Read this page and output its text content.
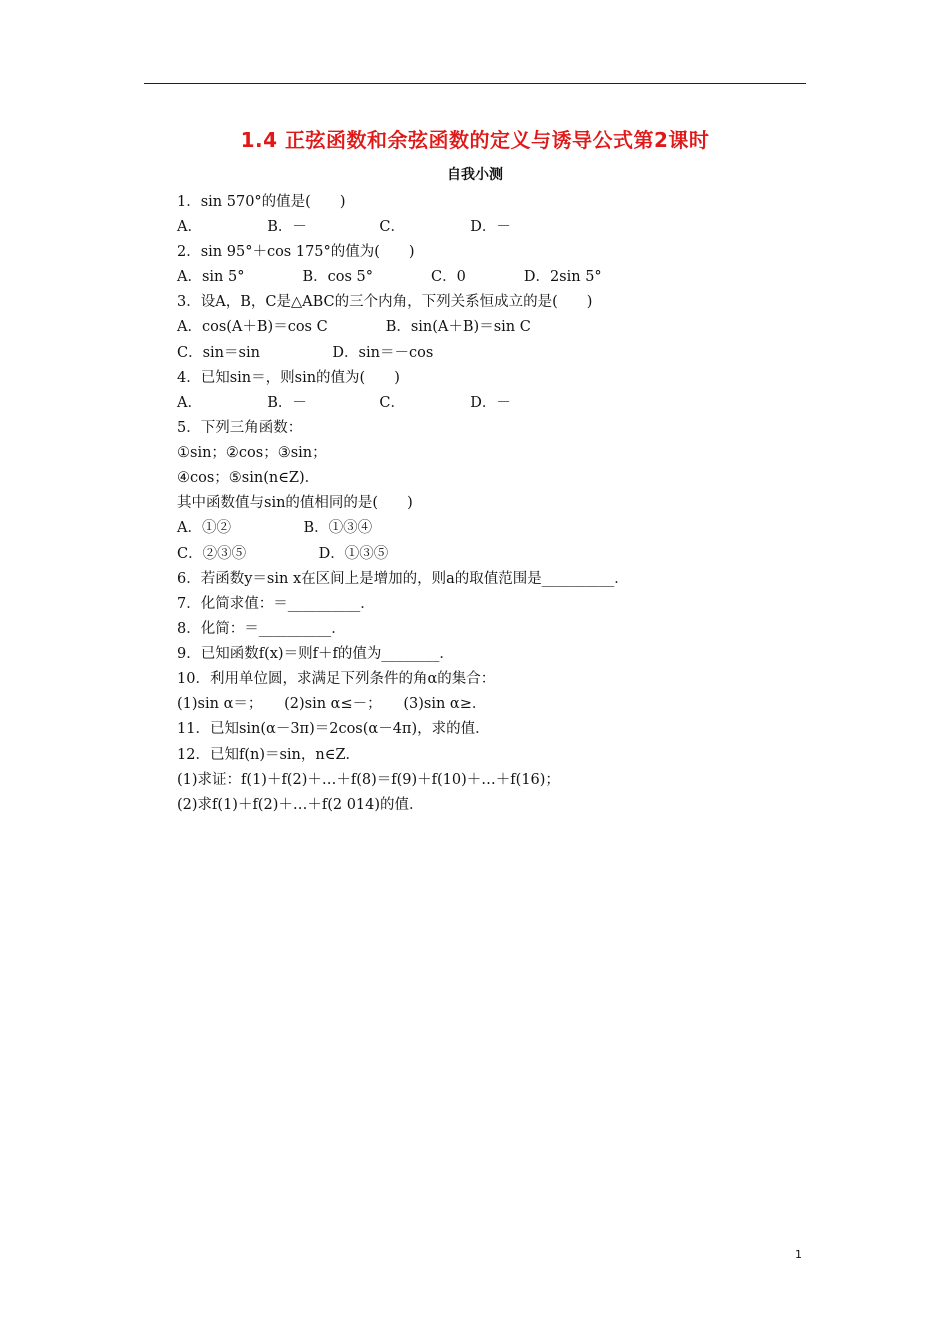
1.4 正弦函数和余弦函数的定义与诱导公式第2课时
自我小测
1．sin 570°的值是(　　)
A．　　　　　B．－　　　　　C．　　　　　D．－
2．sin 95°＋cos 175°的值为(　　)
A．sin 5°　　　　B．cos 5°　　　　C．0　　　　D．2sin 5°
3．设A，B，C是△ABC的三个内角，下列关系恒成立的是(　　)
A．cos(A＋B)＝cos C　　　　B．sin(A＋B)＝sin C
C．sin＝sin　　　　　D．sin＝－cos
4．已知sin＝，则sin的值为(　　)
A．　　　　　B．－　　　　　C．　　　　　D．－
5．下列三角函数：
①sin；②cos；③sin；
④cos；⑤sin(n∈Z)．
其中函数值与sin的值相同的是(　　)
A．①②　　　　　B．①③④
C．②③⑤　　　　　D．①③⑤
6．若函数y＝sin x在区间上是增加的，则a的取值范围是__________．
7．化简求值：＝__________．
8．化简：＝__________．
9．已知函数f(x)＝则f＋f的值为________．
10．利用单位圆，求满足下列条件的角α的集合：
(1)sin α＝；　　(2)sin α≤－；　　(3)sin α≥．
11．已知sin(α－3π)＝2cos(α－4π)，求的值．
12．已知f(n)＝sin，n∈Z．
(1)求证：f(1)＋f(2)＋…＋f(8)＝f(9)＋f(10)＋…＋f(16)；
(2)求f(1)＋f(2)＋…＋f(2 014)的值．
1
